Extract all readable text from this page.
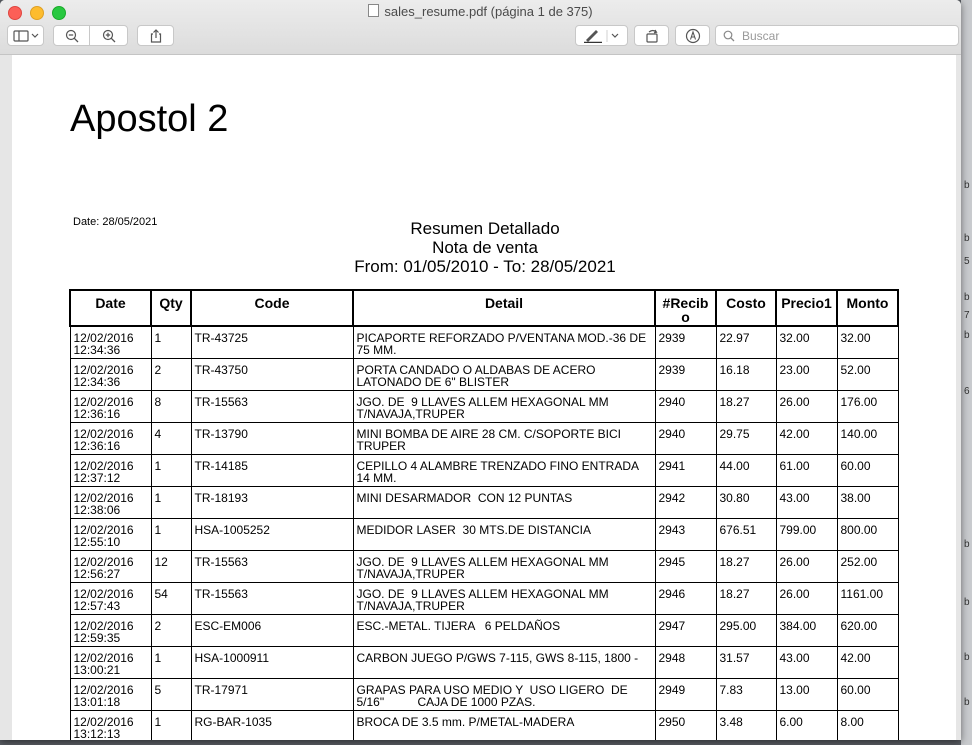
b
b
5
b
7
b
6
b
b
b
b
sales_resume.pdf (página 1 de 375)
Buscar
Apostol 2
Date: 28/05/2021	Resumen Detallado
Nota de venta
From: 01/05/2010 - To: 28/05/2021
Date	Qty	Code	Detail	#Recibo	Costo	Precio1	Monto
12/02/2016 12:34:36	1	TR-43725	PICAPORTE REFORZADO P/VENTANA MOD.-36 DE 75 MM.	2939	22.97	32.00	32.00
12/02/2016 12:34:36	2	TR-43750	PORTA CANDADO O ALDABAS DE ACERO LATONADO DE 6" BLISTER	2939	16.18	23.00	52.00
12/02/2016 12:36:16	8	TR-15563	JGO. DE  9 LLAVES ALLEM HEXAGONAL MM T/NAVAJA,TRUPER	2940	18.27	26.00	176.00
12/02/2016 12:36:16	4	TR-13790	MINI BOMBA DE AIRE 28 CM. C/SOPORTE BICI TRUPER	2940	29.75	42.00	140.00
12/02/2016 12:37:12	1	TR-14185	CEPILLO 4 ALAMBRE TRENZADO FINO ENTRADA 14 MM.	2941	44.00	61.00	60.00
12/02/2016 12:38:06	1	TR-18193	MINI DESARMADOR  CON 12 PUNTAS	2942	30.80	43.00	38.00
12/02/2016 12:55:10	1	HSA-1005252	MEDIDOR LASER  30 MTS.DE DISTANCIA	2943	676.51	799.00	800.00
12/02/2016 12:56:27	12	TR-15563	JGO. DE  9 LLAVES ALLEM HEXAGONAL MM T/NAVAJA,TRUPER	2945	18.27	26.00	252.00
12/02/2016 12:57:43	54	TR-15563	JGO. DE  9 LLAVES ALLEM HEXAGONAL MM T/NAVAJA,TRUPER	2946	18.27	26.00	1161.00
12/02/2016 12:59:35	2	ESC-EM006	ESC.-METAL. TIJERA   6 PELDAÑOS	2947	295.00	384.00	620.00
12/02/2016 13:00:21	1	HSA-1000911	CARBON JUEGO P/GWS 7-115, GWS 8-115, 1800 -	2948	31.57	43.00	42.00
12/02/2016 13:01:18	5	TR-17971	GRAPAS PARA USO MEDIO Y  USO LIGERO  DE 5/16"          CAJA DE 1000 PZAS.	2949	7.83	13.00	60.00
12/02/2016 13:12:13	1	RG-BAR-1035	BROCA DE 3.5 mm. P/METAL-MADERA	2950	3.48	6.00	8.00
